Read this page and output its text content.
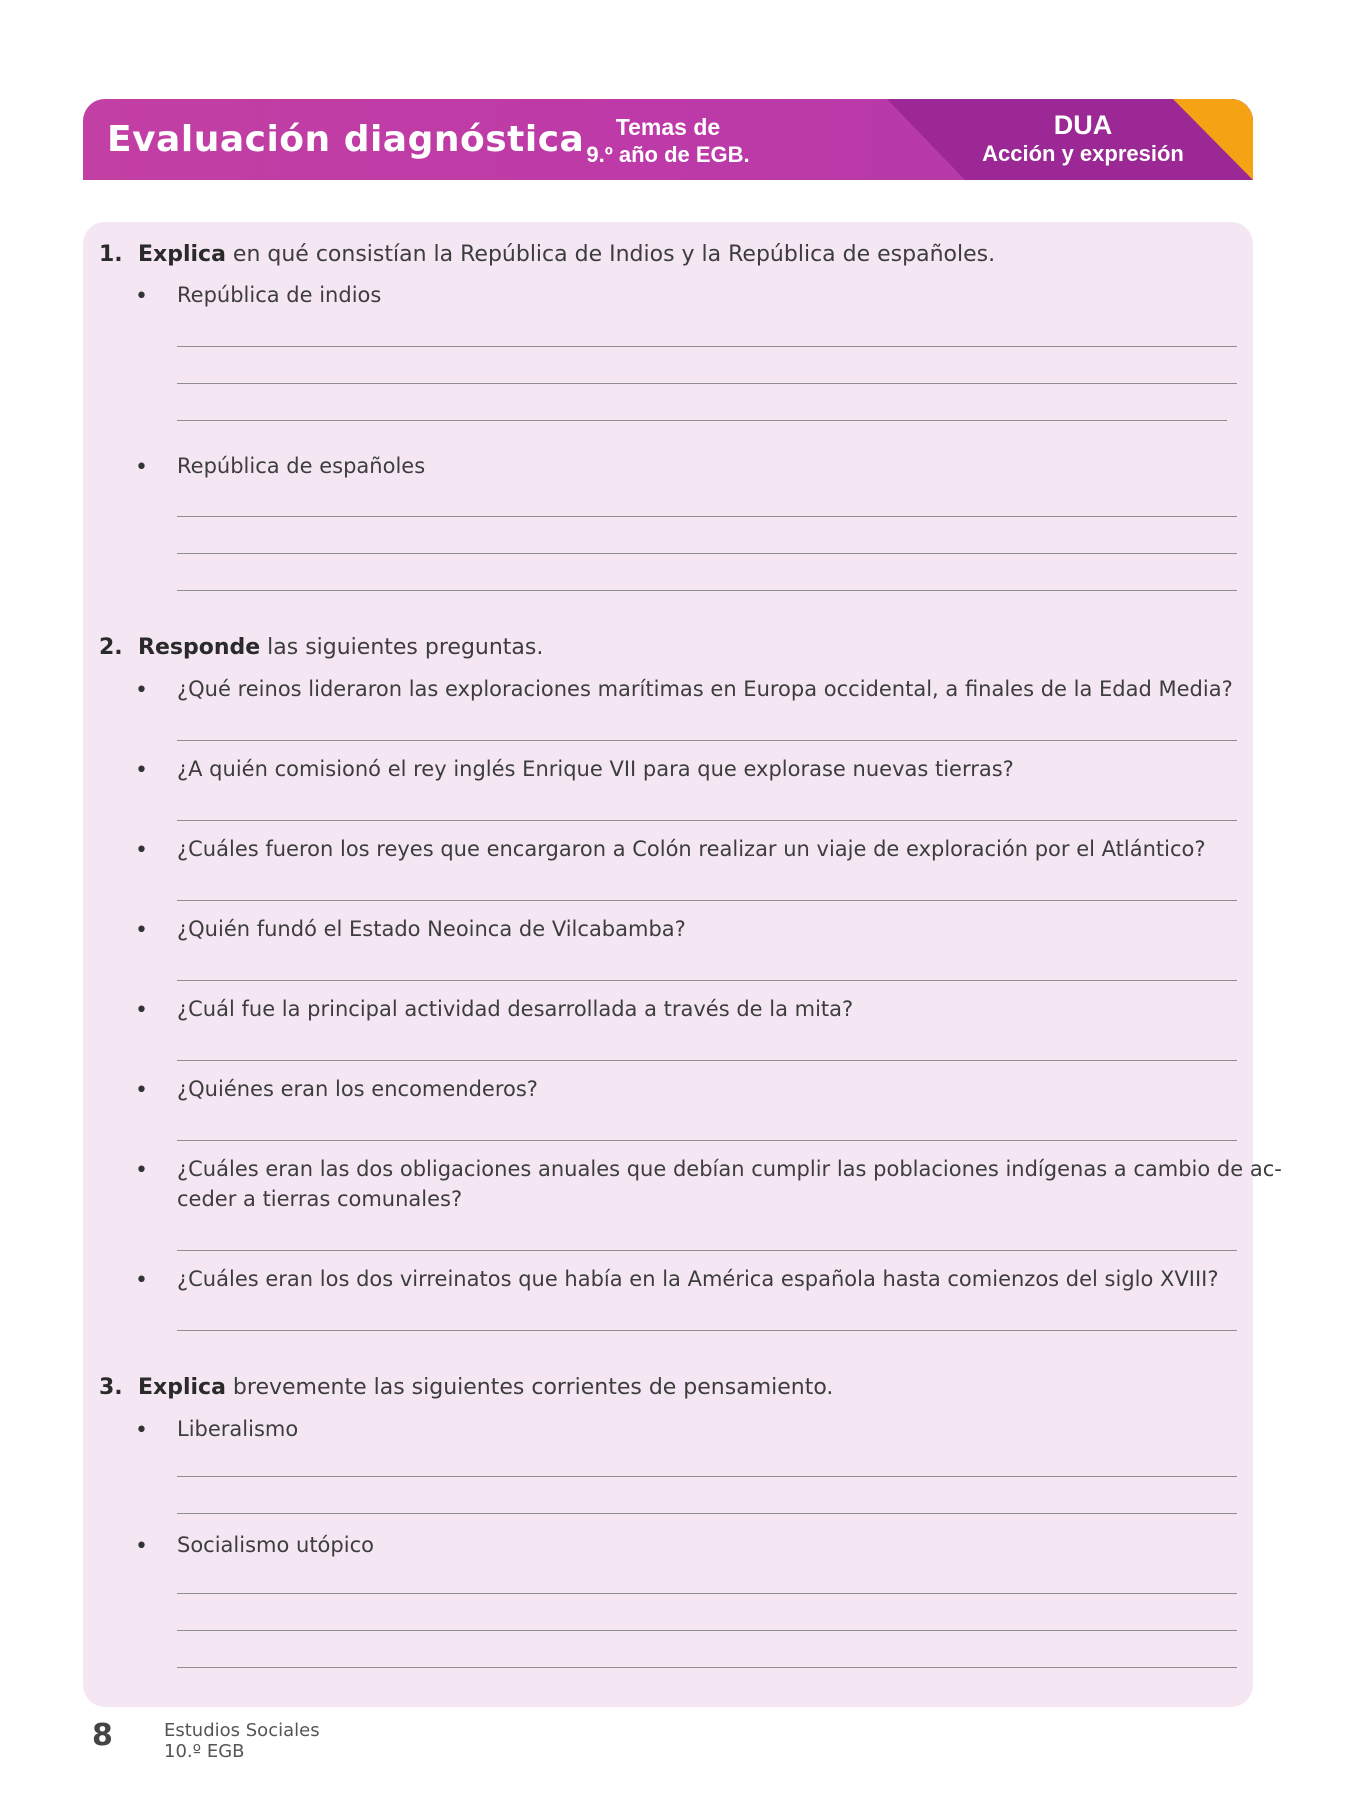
Evaluación diagnóstica	Temas de
9.º año de EGB.
DUA
Acción y expresión
1. Explica en qué consistían la República de Indios y la República de españoles.
• República de indios
• República de españoles
2. Responde las siguientes preguntas.
• ¿Qué reinos lideraron las exploraciones marítimas en Europa occidental, a finales de la Edad Media?
• ¿A quién comisionó el rey inglés Enrique VII para que explorase nuevas tierras?
• ¿Cuáles fueron los reyes que encargaron a Colón realizar un viaje de exploración por el Atlántico?
• ¿Quién fundó el Estado Neoinca de Vilcabamba?
• ¿Cuál fue la principal actividad desarrollada a través de la mita?
• ¿Quiénes eran los encomenderos?
• ¿Cuáles eran las dos obligaciones anuales que debían cumplir las poblaciones indígenas a cambio de ac-
ceder a tierras comunales?
• ¿Cuáles eran los dos virreinatos que había en la América española hasta comienzos del siglo XVIII?
3. Explica brevemente las siguientes corrientes de pensamiento.
• Liberalismo
• Socialismo utópico
8	Estudios Sociales
10.º EGB
